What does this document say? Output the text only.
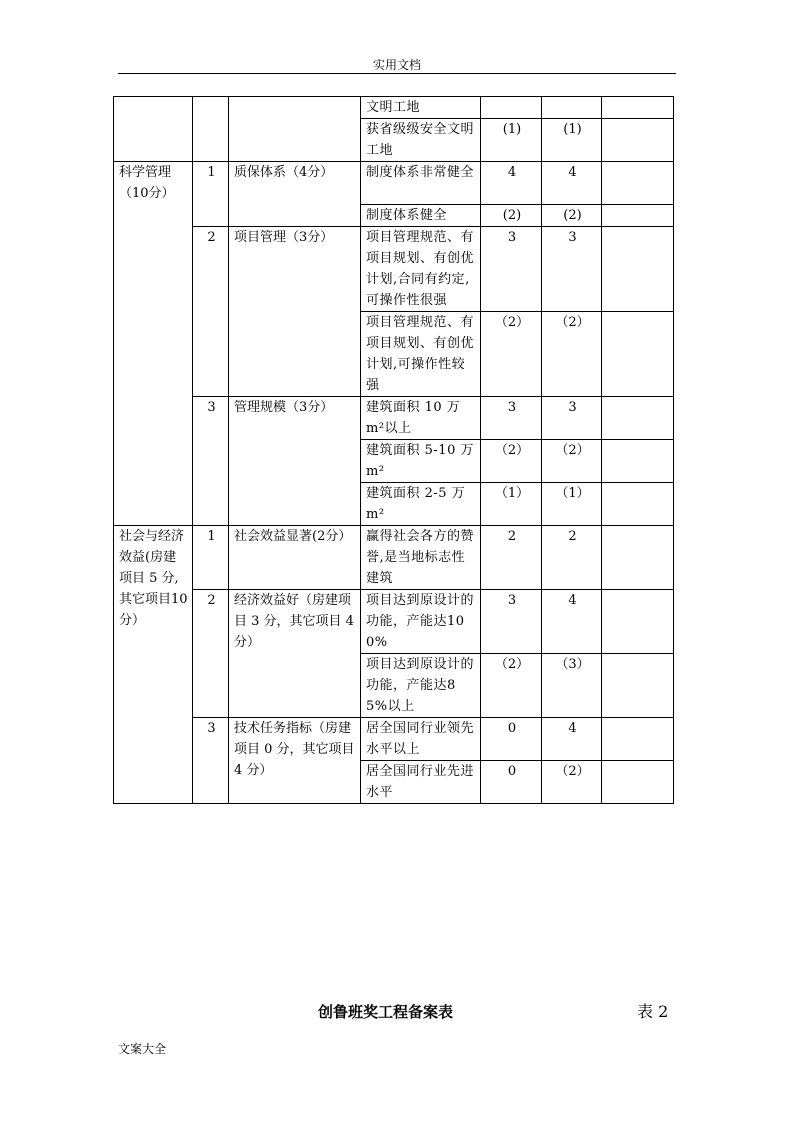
实用文档
			文明工地			
			获省级级安全文明工地	(1)	(1)	
科学管理（10分）	1	质保体系（4分）	制度体系非常健全	4	4	
			制度体系健全	(2)	(2)	
	2	项目管理（3分）	项目管理规范、有项目规划、有创优计划,合同有约定,可操作性很强	3	3	
			项目管理规范、有项目规划、有创优计划,可操作性较强	（2）	（2）	
	3	管理规模（3分）	建筑面积 10 万 m²以上	3	3	
			建筑面积 5-10 万 m²	（2）	（2）	
			建筑面积 2-5 万 m²	（1）	（1）	
社会与经济效益(房建项目 5 分,其它项目10分）	1	社会效益显著(2分）	赢得社会各方的赞誉,是当地标志性建筑	2	2	
	2	经济效益好（房建项目 3 分，其它项目 4 分）	项目达到原设计的功能，产能达100%	3	4	
			项目达到原设计的功能，产能达85%以上	（2）	（3）	
	3	技术任务指标（房建项目 0 分，其它项目 4 分）	居全国同行业领先水平以上	0	4	
			居全国同行业先进水平	0	（2）	
创鲁班奖工程备案表	表 2
文案大全
